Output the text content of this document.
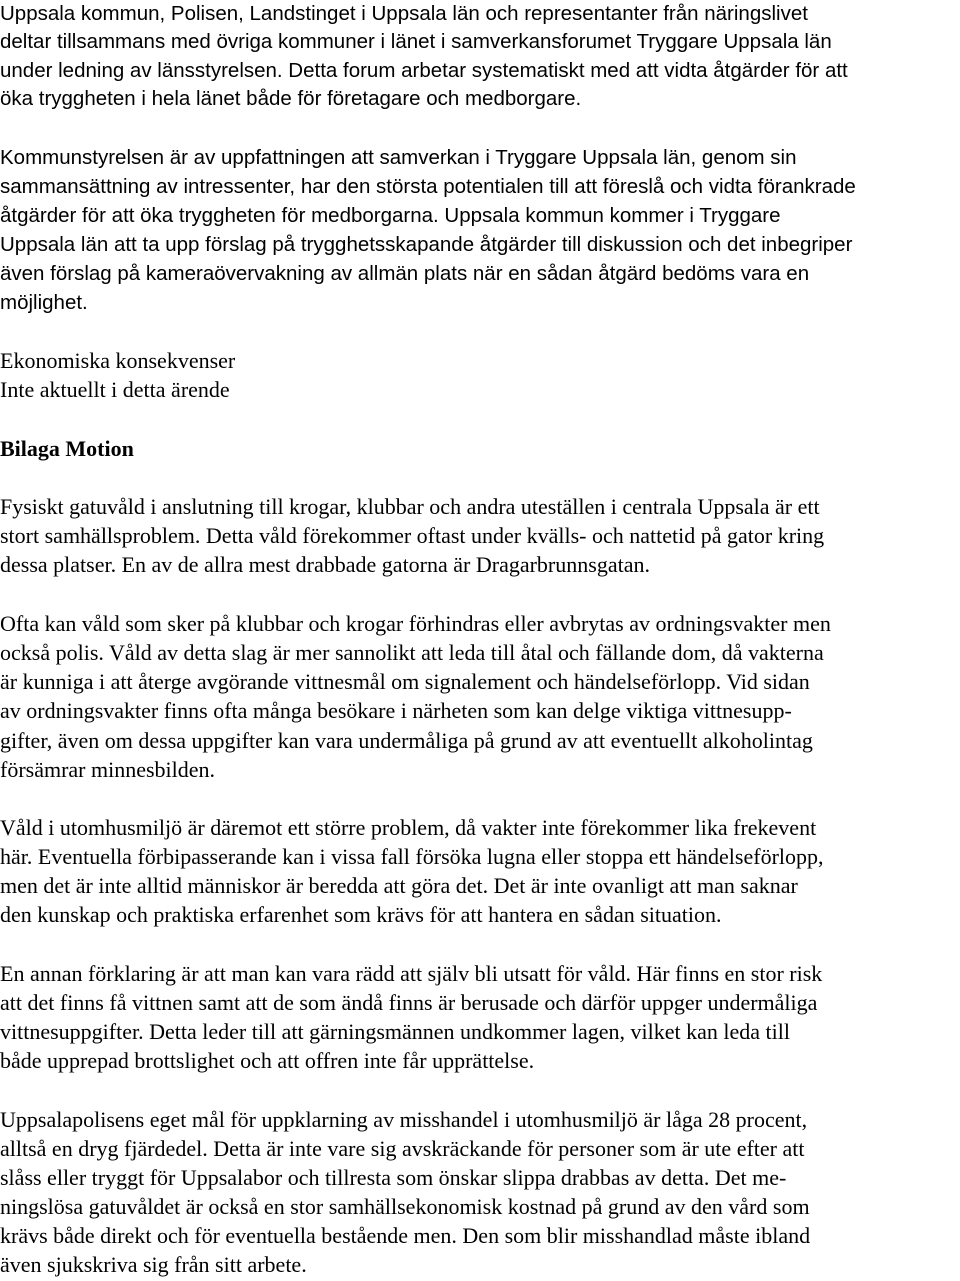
Uppsala kommun, Polisen, Landstinget i Uppsala län och representanter från näringslivet

deltar tillsammans med övriga kommuner i länet i samverkansforumet Tryggare Uppsala län

under ledning av länsstyrelsen. Detta forum arbetar systematiskt med att vidta åtgärder för att

öka tryggheten i hela länet både för företagare och medborgare.

Kommunstyrelsen är av uppfattningen att samverkan i Tryggare Uppsala län, genom sin

sammansättning av intressenter, har den största potentialen till att föreslå och vidta förankrade

åtgärder för att öka tryggheten för medborgarna. Uppsala kommun kommer i Tryggare

Uppsala län att ta upp förslag på trygghetsskapande åtgärder till diskussion och det inbegriper

även förslag på kameraövervakning av allmän plats när en sådan åtgärd bedöms vara en

möjlighet.

Ekonomiska konsekvenser

Inte aktuellt i detta ärende

Bilaga Motion

Fysiskt gatuvåld i anslutning till krogar, klubbar och andra uteställen i centrala Uppsala är ett

stort samhällsproblem. Detta våld förekommer oftast under kvälls- och nattetid på gator kring

dessa platser. En av de allra mest drabbade gatorna är Dragarbrunnsgatan.

Ofta kan våld som sker på klubbar och krogar förhindras eller avbrytas av ordningsvakter men

också polis. Våld av detta slag är mer sannolikt att leda till åtal och fällande dom, då vakterna

är kunniga i att återge avgörande vittnesmål om signalement och händelseförlopp. Vid sidan

av ordningsvakter finns ofta många besökare i närheten som kan delge viktiga vittnesupp-

gifter, även om dessa uppgifter kan vara undermåliga på grund av att eventuellt alkoholintag

försämrar minnesbilden.

Våld i utomhusmiljö är däremot ett större problem, då vakter inte förekommer lika frekevent

här. Eventuella förbipasserande kan i vissa fall försöka lugna eller stoppa ett händelseförlopp,

men det är inte alltid människor är beredda att göra det. Det är inte ovanligt att man saknar

den kunskap och praktiska erfarenhet som krävs för att hantera en sådan situation.

En annan förklaring är att man kan vara rädd att själv bli utsatt för våld. Här finns en stor risk

att det finns få vittnen samt att de som ändå finns är berusade och därför uppger undermåliga

vittnesuppgifter. Detta leder till att gärningsmännen undkommer lagen, vilket kan leda till

både upprepad brottslighet och att offren inte får upprättelse.

Uppsalapolisens eget mål för uppklarning av misshandel i utomhusmiljö är låga 28 procent,

alltså en dryg fjärdedel. Detta är inte vare sig avskräckande för personer som är ute efter att

slåss eller tryggt för Uppsalabor och tillresta som önskar slippa drabbas av detta. Det me-

ningslösa gatuvåldet är också en stor samhällsekonomisk kostnad på grund av den vård som

krävs både direkt och för eventuella bestående men. Den som blir misshandlad måste ibland

även sjukskriva sig från sitt arbete.
